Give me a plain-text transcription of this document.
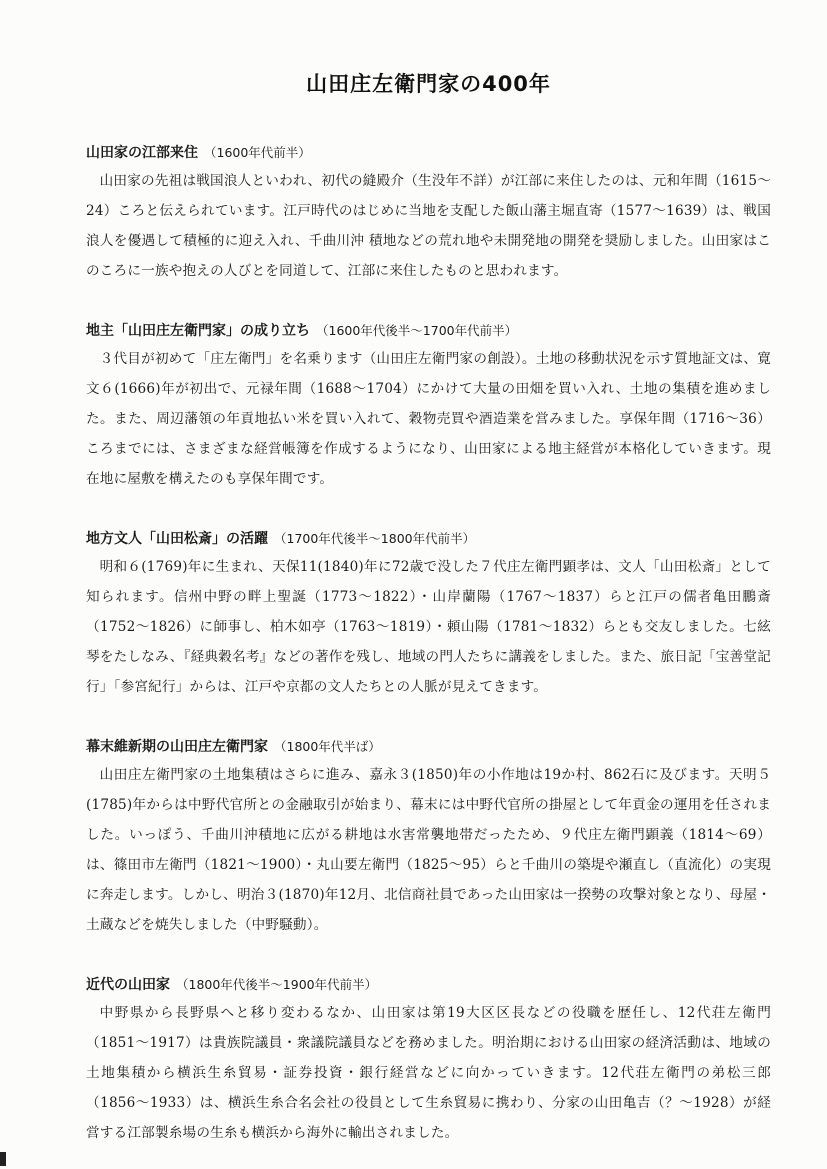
山田庄左衛門家の400年
山田家の江部来住 （1600年代前半）

山田家の先祖は戦国浪人といわれ、初代の縫殿介（生没年不詳）が江部に来住したのは、元和年間（1615〜24）ころと伝えられています。江戸時代のはじめに当地を支配した飯山藩主堀直寄（1577〜1639）は、戦国浪人を優遇して積極的に迎え入れ、千曲川沖 積地などの荒れ地や未開発地の開発を奨励しました。山田家はこのころに一族や抱えの人びとを同道して、江部に来住したものと思われます。

地主「山田庄左衛門家」の成り立ち （1600年代後半〜1700年代前半）

３代目が初めて「庄左衛門」を名乗ります（山田庄左衛門家の創設）。土地の移動状況を示す質地証文は、寛文６(1666)年が初出で、元禄年間（1688〜1704）にかけて大量の田畑を買い入れ、土地の集積を進めました。また、周辺藩領の年貢地払い米を買い入れて、穀物売買や酒造業を営みました。享保年間（1716〜36）ころまでには、さまざまな経営帳簿を作成するようになり、山田家による地主経営が本格化していきます。現在地に屋敷を構えたのも享保年間です。

地方文人「山田松斎」の活躍 （1700年代後半〜1800年代前半）

明和６(1769)年に生まれ、天保11(1840)年に72歳で没した７代庄左衛門顕孝は、文人「山田松斎」として知られます。信州中野の畔上聖誕（1773〜1822）・山岸蘭陽（1767〜1837）らと江戸の儒者亀田鵬斎（1752〜1826）に師事し、柏木如亭（1763〜1819）・頼山陽（1781〜1832）らとも交友しました。七絃琴をたしなみ、『経典穀名考』などの著作を残し、地域の門人たちに講義をしました。また、旅日記「宝善堂記行」「参宮紀行」からは、江戸や京都の文人たちとの人脈が見えてきます。

幕末維新期の山田庄左衛門家 （1800年代半ば）

山田庄左衛門家の土地集積はさらに進み、嘉永３(1850)年の小作地は19か村、862石に及びます。天明５(1785)年からは中野代官所との金融取引が始まり、幕末には中野代官所の掛屋として年貢金の運用を任されました。いっぽう、千曲川沖積地に広がる耕地は水害常襲地帯だったため、９代庄左衛門顕義（1814〜69）は、篠田市左衛門（1821〜1900）・丸山要左衛門（1825〜95）らと千曲川の築堤や瀬直し（直流化）の実現に奔走します。しかし、明治３(1870)年12月、北信商社員であった山田家は一揆勢の攻撃対象となり、母屋・土蔵などを焼失しました（中野騒動）。

近代の山田家 （1800年代後半〜1900年代前半）

中野県から長野県へと移り変わるなか、山田家は第19大区区長などの役職を歴任し、12代荘左衛門（1851〜1917）は貴族院議員・衆議院議員などを務めました。明治期における山田家の経済活動は、地域の土地集積から横浜生糸貿易・証券投資・銀行経営などに向かっていきます。12代荘左衛門の弟松三郎（1856〜1933）は、横浜生糸合名会社の役員として生糸貿易に携わり、分家の山田亀吉（？〜1928）が経営する江部製糸場の生糸も横浜から海外に輸出されました。
